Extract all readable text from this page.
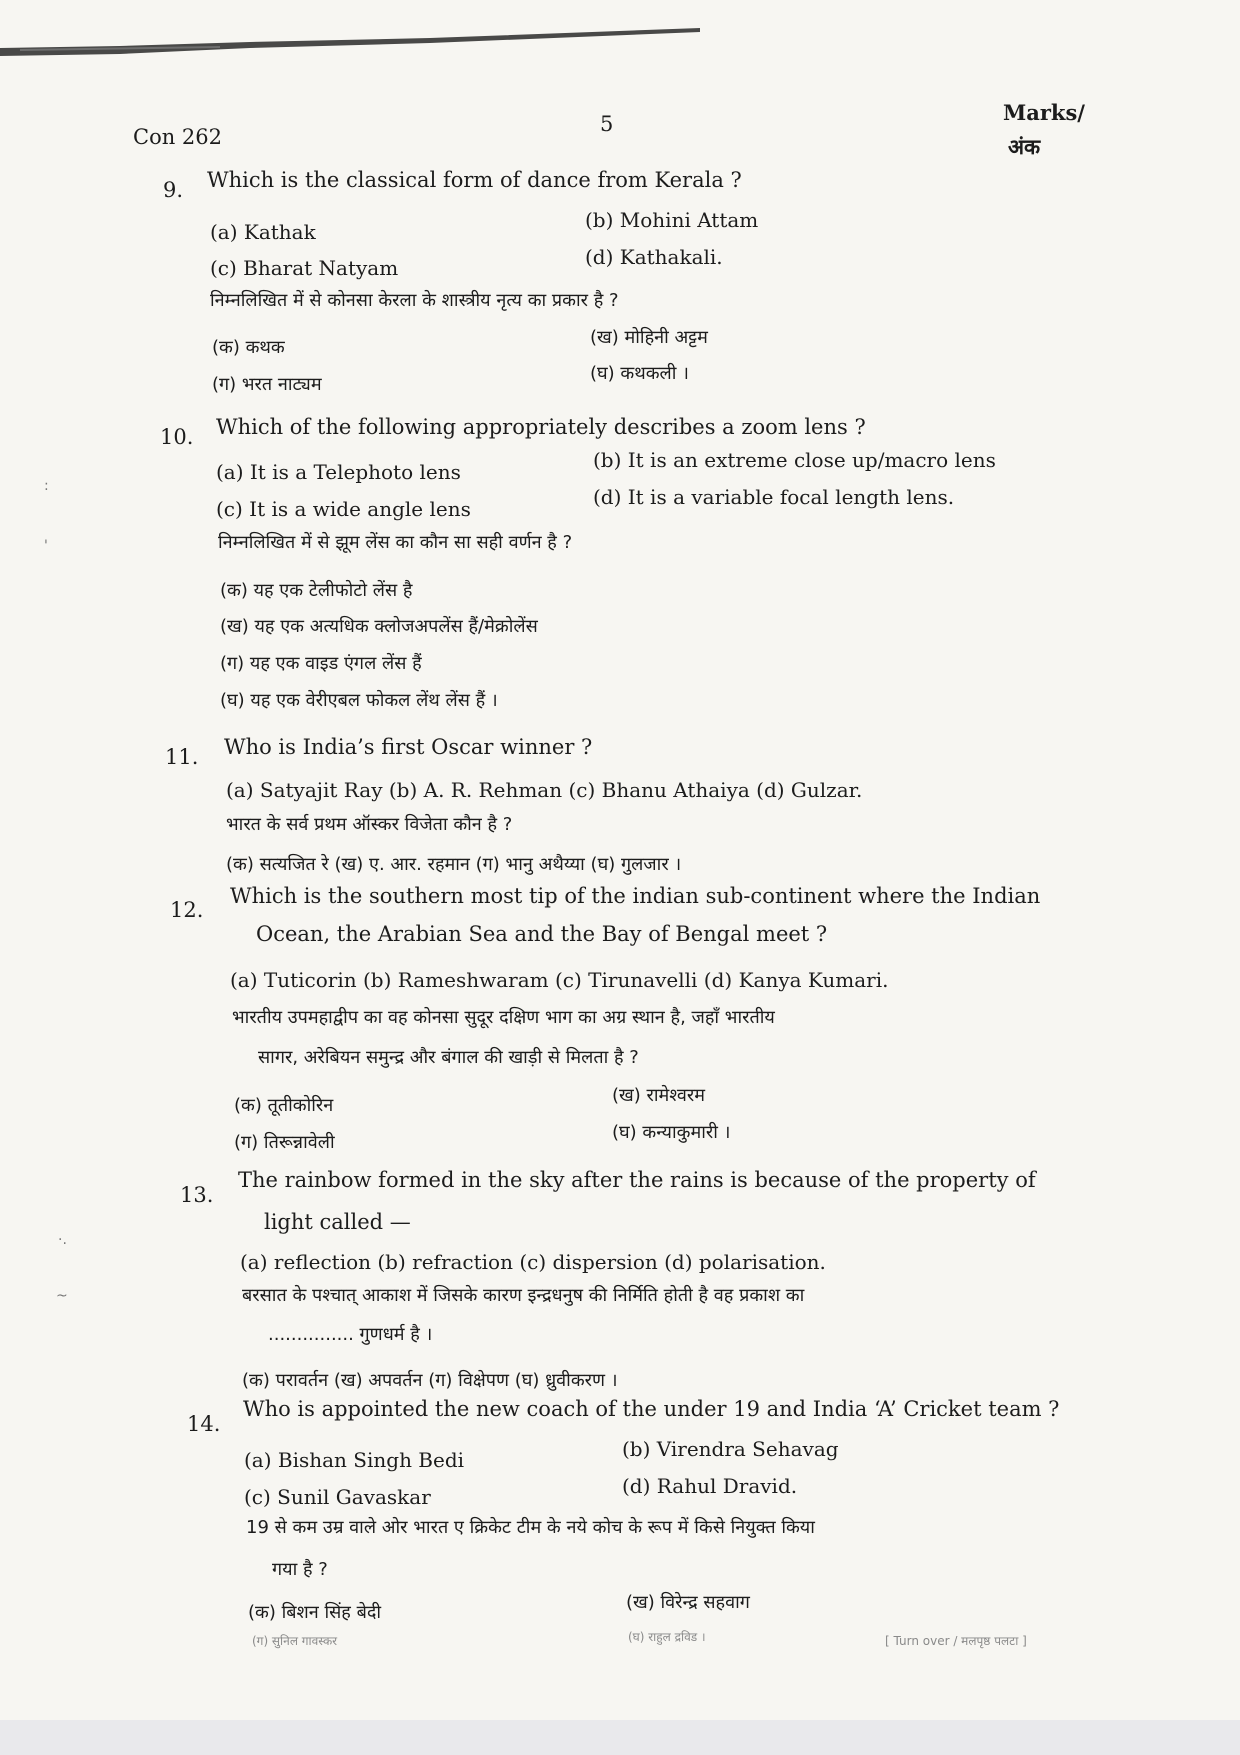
Con 262
5	Marks/
अंक
9. Which is the classical form of dance from Kerala ?
(a) Kathak	(b) Mohini Attam
(c) Bharat Natyam	(d) Kathakali.
निम्नलिखित में से कोनसा केरला के शास्त्रीय नृत्य का प्रकार है ?
(क) कथक	(ख) मोहिनी अट्टम
(ग) भरत नाट्यम
(घ) कथकली ।
10. Which of the following appropriately describes a zoom lens ?
(a) It is a Telephoto lens	(b) It is an extreme close up/macro lens
(c) It is a wide angle lens	(d) It is a variable focal length lens.
निम्नलिखित में से झूम लेंस का कौन सा सही वर्णन है ?
(क) यह एक टेलीफोटो लेंस है
(ख) यह एक अत्यधिक क्लोजअपलेंस हैं/मेक्रोलेंस
(ग) यह एक वाइड एंगल लेंस हैं
(घ) यह एक वेरीएबल फोकल लेंथ लेंस हैं ।
11. Who is India’s first Oscar winner ?
(a) Satyajit Ray (b) A. R. Rehman (c) Bhanu Athaiya (d) Gulzar.
भारत के सर्व प्रथम ऑस्कर विजेता कौन है ?
(क) सत्यजित रे (ख) ए. आर. रहमान (ग) भानु अथैय्या (घ) गुलजार ।
12.
Which is the southern most tip of the indian sub-continent where the Indian
Ocean, the Arabian Sea and the Bay of Bengal meet ?
(a) Tuticorin (b) Rameshwaram (c) Tirunavelli (d) Kanya Kumari.
भारतीय उपमहाद्वीप का वह कोनसा सुदूर दक्षिण भाग का अग्र स्थान है, जहाँ भारतीय
सागर, अरेबियन समुन्द्र और बंगाल की खाड़ी से मिलता है ?
(क) तूतीकोरिन	(ख) रामेश्वरम
(ग) तिरून्नावेली	(घ) कन्याकुमारी ।
13.
The rainbow formed in the sky after the rains is because of the property of
light called —
(a) reflection (b) refraction (c) dispersion (d) polarisation.
बरसात के पश्चात् आकाश में जिसके कारण इन्द्रधनुष की निर्मिति होती है वह प्रकाश का
............... गुणधर्म है ।
(क) परावर्तन (ख) अपवर्तन (ग) विक्षेपण (घ) ध्रुवीकरण ।
14.
Who is appointed the new coach of the under 19 and India ‘A’ Cricket team ?
(a) Bishan Singh Bedi	(b) Virendra Sehavag
(c) Sunil Gavaskar	(d) Rahul Dravid.
19 से कम उम्र वाले ओर भारत ए क्रिकेट टीम के नये कोच के रूप में किसे नियुक्त किया
गया है ?
(क) बिशन सिंह बेदी	(ख) विरेन्द्र सहवाग
(ग) सुनिल गावस्कर	(घ) राहुल द्रविड ।	[ Turn over / मलपृष्ठ पलटा ]
:
'
·.
~
